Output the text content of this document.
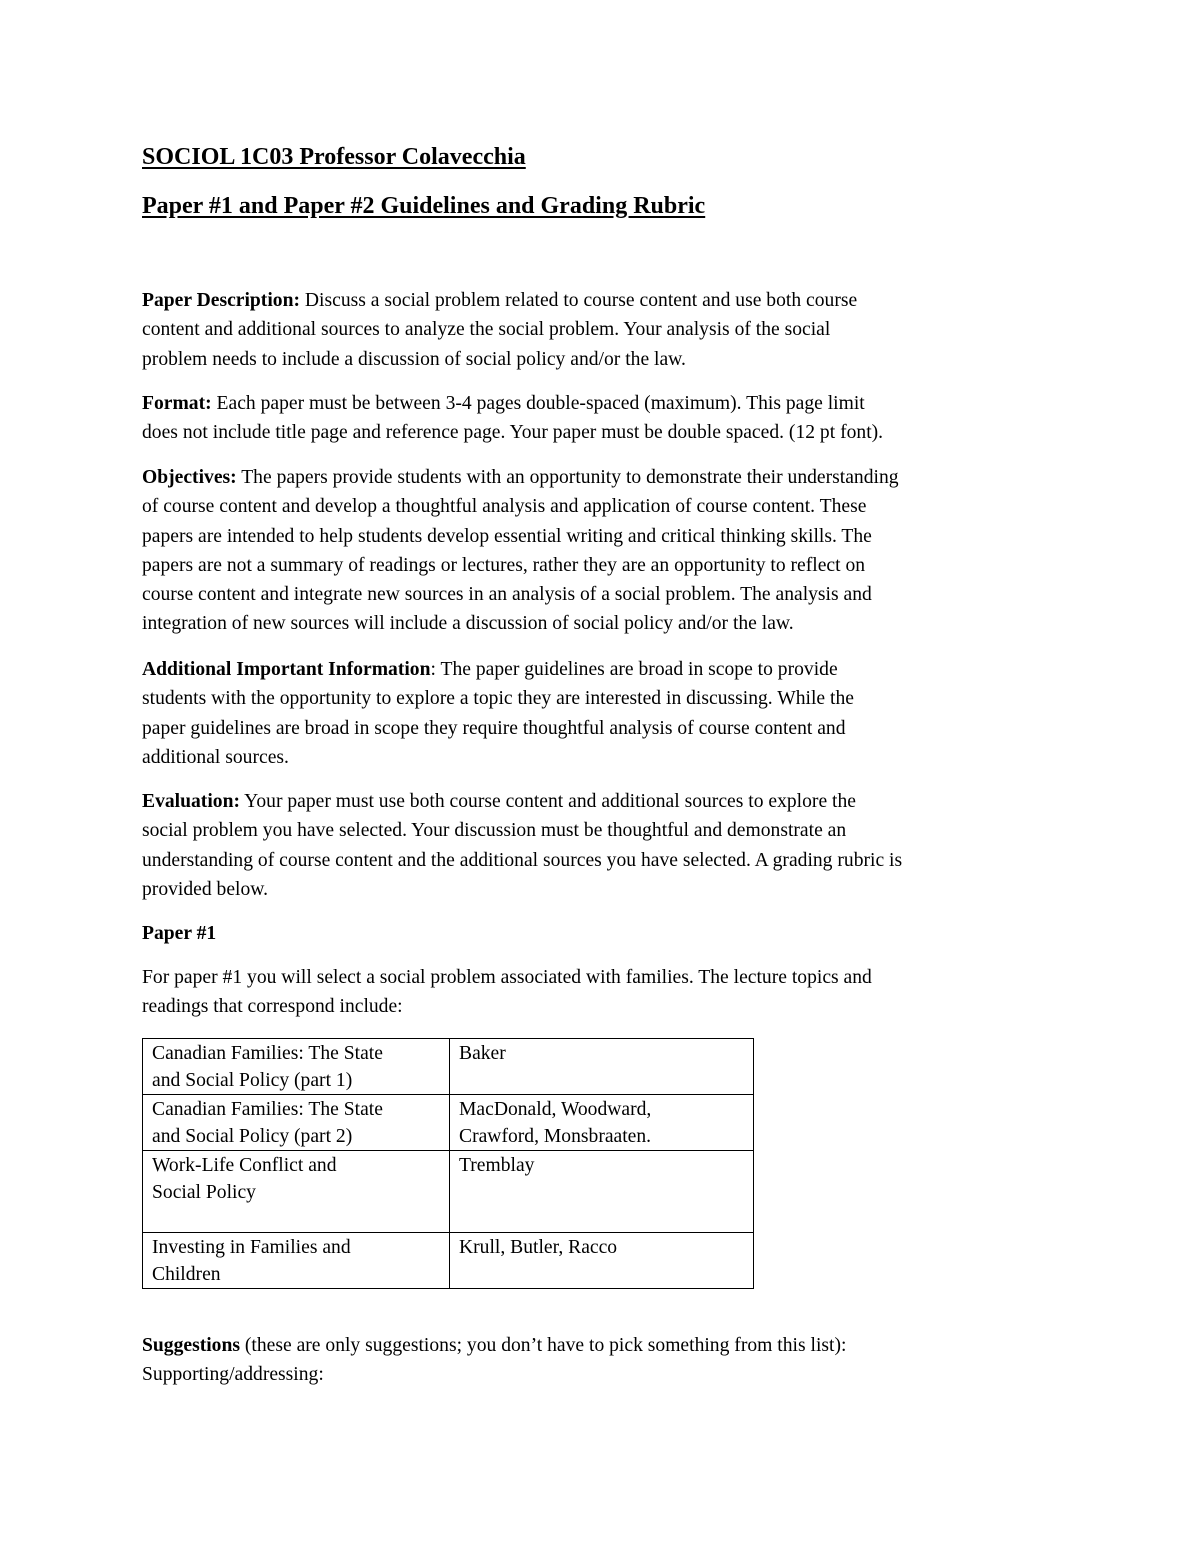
SOCIOL 1C03 Professor Colavecchia
Paper #1 and Paper #2 Guidelines and Grading Rubric

Paper Description: Discuss a social problem related to course content and use both course
content and additional sources to analyze the social problem. Your analysis of the social
problem needs to include a discussion of social policy and/or the law.

Format: Each paper must be between 3-4 pages double-spaced (maximum). This page limit
does not include title page and reference page. Your paper must be double spaced. (12 pt font).

Objectives: The papers provide students with an opportunity to demonstrate their understanding
of course content and develop a thoughtful analysis and application of course content. These
papers are intended to help students develop essential writing and critical thinking skills. The
papers are not a summary of readings or lectures, rather they are an opportunity to reflect on
course content and integrate new sources in an analysis of a social problem. The analysis and
integration of new sources will include a discussion of social policy and/or the law.

Additional Important Information: The paper guidelines are broad in scope to provide
students with the opportunity to explore a topic they are interested in discussing. While the
paper guidelines are broad in scope they require thoughtful analysis of course content and
additional sources.

Evaluation: Your paper must use both course content and additional sources to explore the
social problem you have selected. Your discussion must be thoughtful and demonstrate an
understanding of course content and the additional sources you have selected. A grading rubric is
provided below.

Paper #1

For paper #1 you will select a social problem associated with families. The lecture topics and
readings that correspond include:

Canadian Families: The State
and Social Policy (part 1)	Baker

Canadian Families: The State
and Social Policy (part 2)	MacDonald, Woodward,
Crawford, Monsbraaten.

Work-Life Conflict and
Social Policy	Tremblay

Investing in Families and
Children	Krull, Butler, Racco

Suggestions (these are only suggestions; you don’t have to pick something from this list):
Supporting/addressing:
